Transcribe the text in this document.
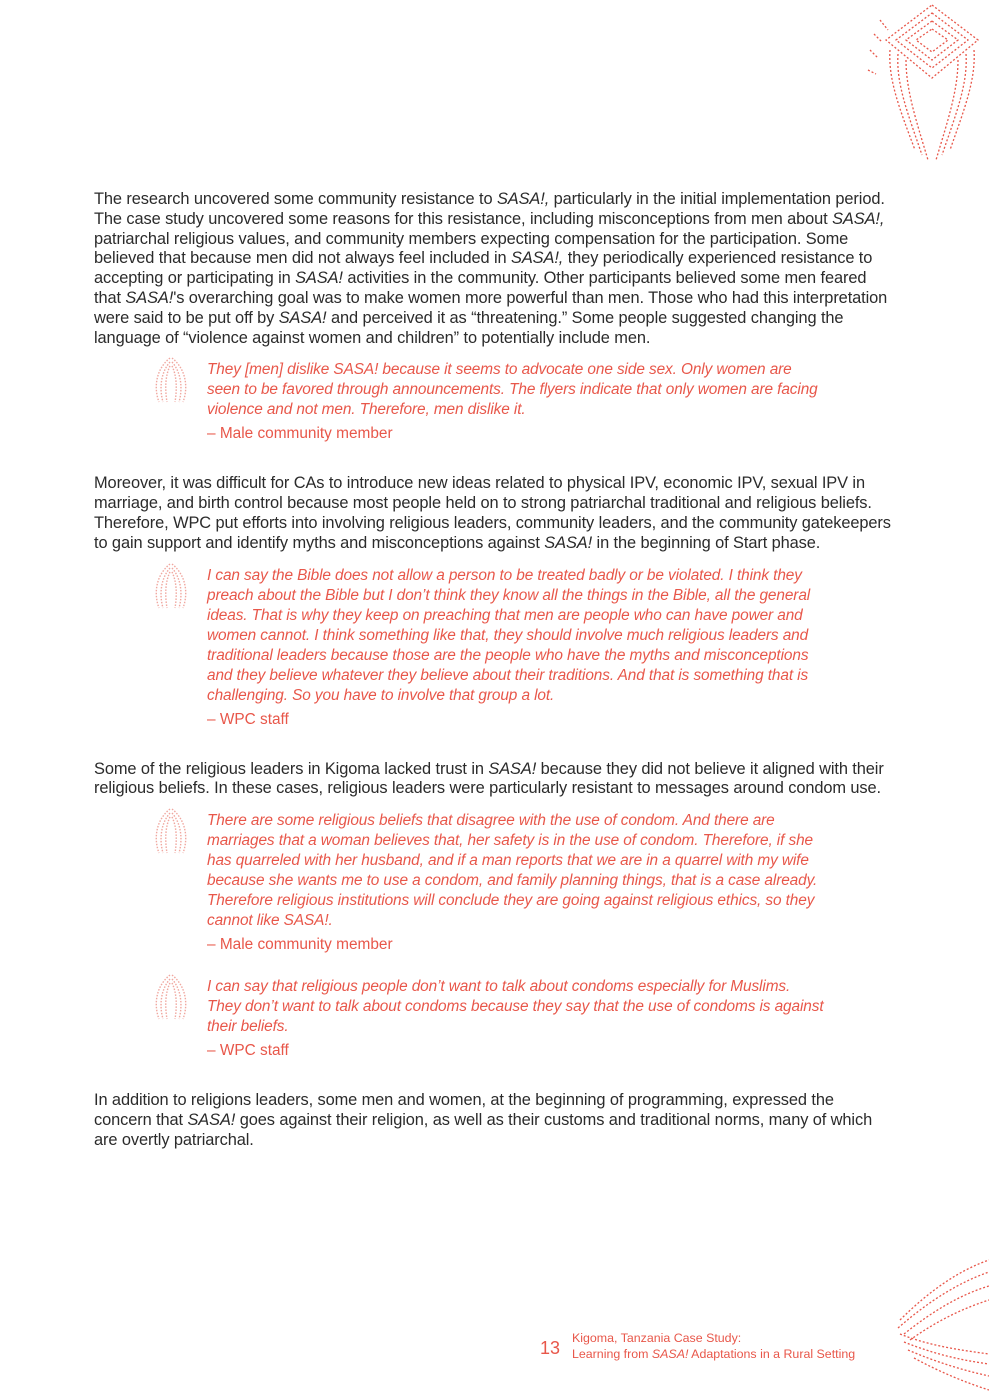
The research uncovered some community resistance to SASA!, particularly in the initial implementation period. The case study uncovered some reasons for this resistance, including misconceptions from men about SASA!, patriarchal religious values, and community members expecting compensation for the participation. Some believed that because men did not always feel included in SASA!, they periodically experienced resistance to accepting or participating in SASA! activities in the community. Other participants believed some men feared that SASA!'s overarching goal was to make women more powerful than men. Those who had this interpretation were said to be put off by SASA! and perceived it as “threatening.” Some people suggested changing the language of “violence against women and children” to potentially include men.

They [men] dislike SASA! because it seems to advocate one side sex. Only women are seen to be favored through announcements. The flyers indicate that only women are facing violence and not men. Therefore, men dislike it.

– Male community member

Moreover, it was difficult for CAs to introduce new ideas related to physical IPV, economic IPV, sexual IPV in marriage, and birth control because most people held on to strong patriarchal traditional and religious beliefs. Therefore, WPC put efforts into involving religious leaders, community leaders, and the community gatekeepers to gain support and identify myths and misconceptions against SASA! in the beginning of Start phase.

I can say the Bible does not allow a person to be treated badly or be violated. I think they preach about the Bible but I don’t think they know all the things in the Bible, all the general ideas. That is why they keep on preaching that men are people who can have power and women cannot. I think something like that, they should involve much religious leaders and traditional leaders because those are the people who have the myths and misconceptions and they believe whatever they believe about their traditions. And that is something that is challenging. So you have to involve that group a lot.

– WPC staff

Some of the religious leaders in Kigoma lacked trust in SASA! because they did not believe it aligned with their religious beliefs. In these cases, religious leaders were particularly resistant to messages around condom use.

There are some religious beliefs that disagree with the use of condom. And there are marriages that a woman believes that, her safety is in the use of condom. Therefore, if she has quarreled with her husband, and if a man reports that we are in a quarrel with my wife because she wants me to use a condom, and family planning things, that is a case already. Therefore religious institutions will conclude they are going against religious ethics, so they cannot like SASA!.

– Male community member

I can say that religious people don’t want to talk about condoms especially for Muslims. They don’t want to talk about condoms because they say that the use of condoms is against their beliefs.

– WPC staff

In addition to religions leaders, some men and women, at the beginning of programming, expressed the concern that SASA! goes against their religion, as well as their customs and traditional norms, many of which are overtly patriarchal.

13 Kigoma, Tanzania Case Study:
Learning from SASA! Adaptations in a Rural Setting
